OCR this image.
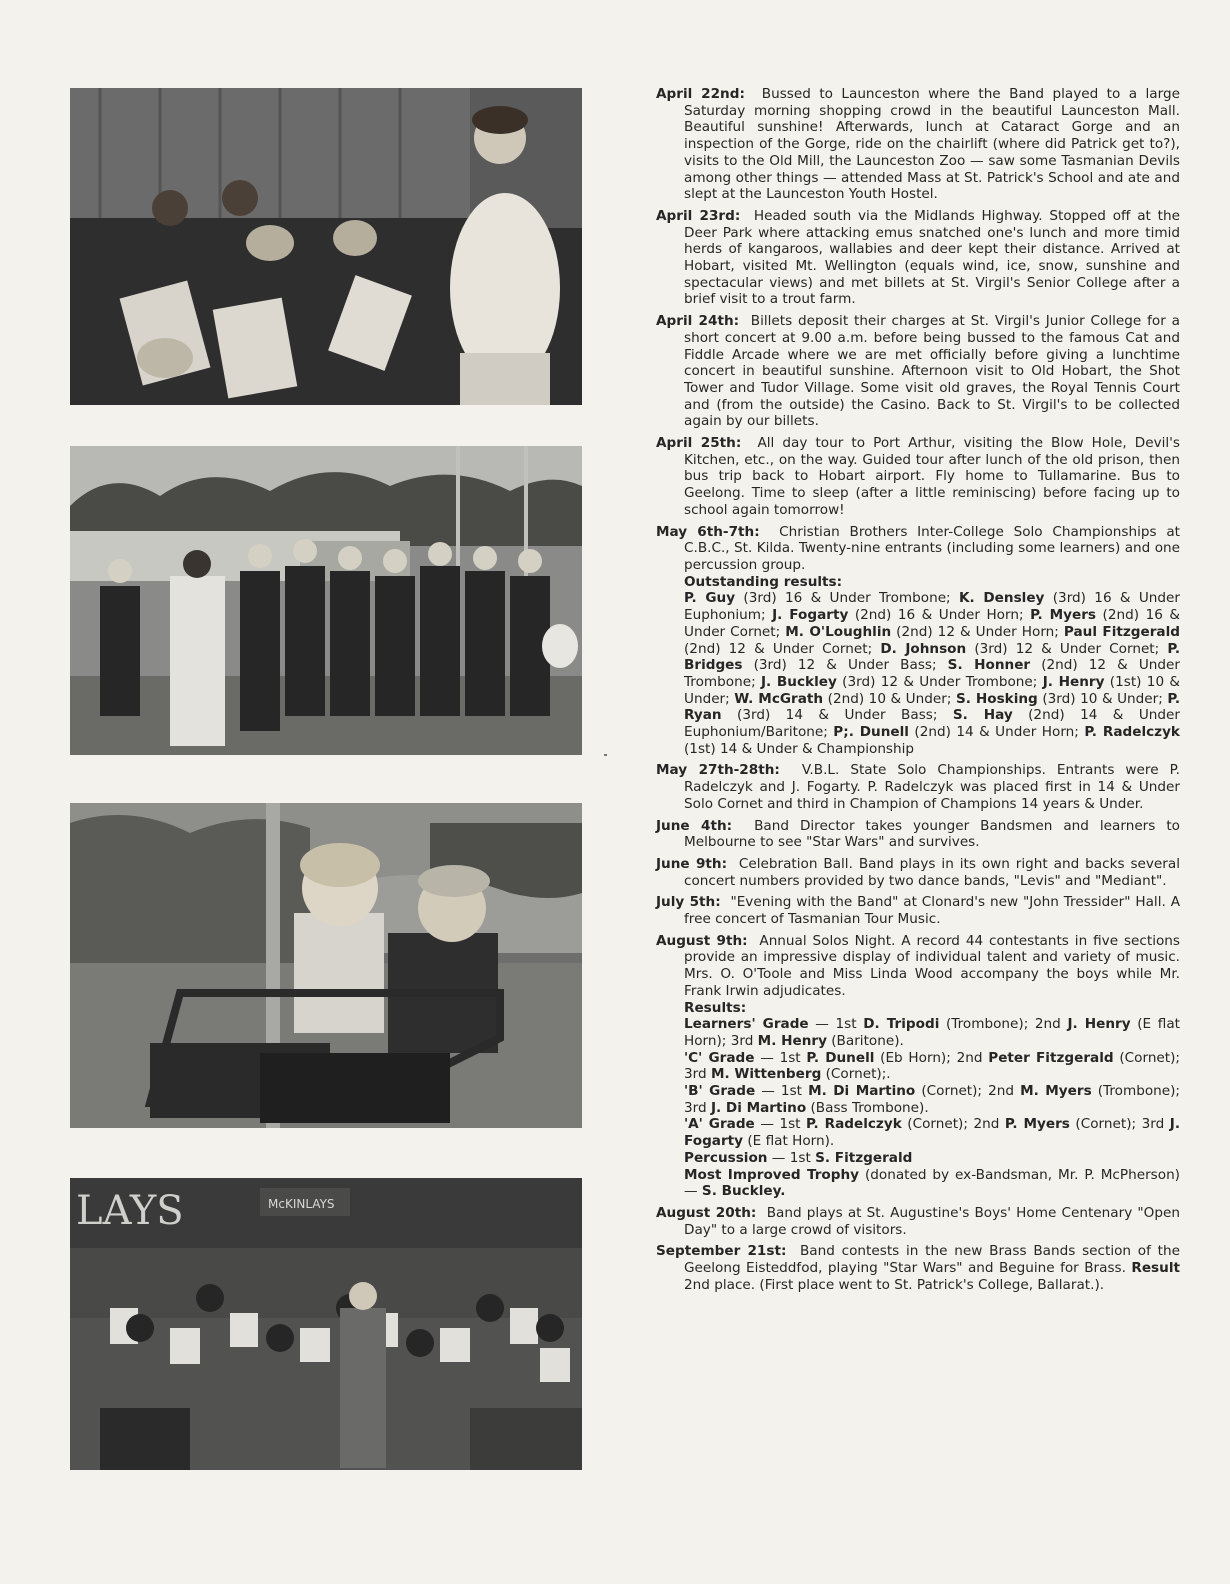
LAYS	McKINLAYS

April 22nd: Bussed to Launceston where the Band played to a large Saturday morning shopping crowd in the beautiful Launceston Mall. Beautiful sunshine! Afterwards, lunch at Cataract Gorge and an inspection of the Gorge, ride on the chairlift (where did Patrick get to?), visits to the Old Mill, the Launceston Zoo — saw some Tasmanian Devils among other things — attended Mass at St. Patrick's School and ate and slept at the Launceston Youth Hostel.

April 23rd: Headed south via the Midlands Highway. Stopped off at the Deer Park where attacking emus snatched one's lunch and more timid herds of kangaroos, wallabies and deer kept their distance. Arrived at Hobart, visited Mt. Wellington (equals wind, ice, snow, sunshine and spectacular views) and met billets at St. Virgil's Senior College after a brief visit to a trout farm.

April 24th: Billets deposit their charges at St. Virgil's Junior College for a short concert at 9.00 a.m. before being bussed to the famous Cat and Fiddle Arcade where we are met officially before giving a lunchtime concert in beautiful sunshine. Afternoon visit to Old Hobart, the Shot Tower and Tudor Village. Some visit old graves, the Royal Tennis Court and (from the outside) the Casino. Back to St. Virgil's to be collected again by our billets.

April 25th: All day tour to Port Arthur, visiting the Blow Hole, Devil's Kitchen, etc., on the way. Guided tour after lunch of the old prison, then bus trip back to Hobart airport. Fly home to Tullamarine. Bus to Geelong. Time to sleep (after a little reminiscing) before facing up to school again tomorrow!

May 6th-7th: Christian Brothers Inter-College Solo Championships at C.B.C., St. Kilda. Twenty-nine entrants (including some learners) and one percussion group.
Outstanding results:
P. Guy (3rd) 16 & Under Trombone; K. Densley (3rd) 16 & Under Euphonium; J. Fogarty (2nd) 16 & Under Horn; P. Myers (2nd) 16 & Under Cornet; M. O'Loughlin (2nd) 12 & Under Horn; Paul Fitzgerald (2nd) 12 & Under Cornet; D. Johnson (3rd) 12 & Under Cornet; P. Bridges (3rd) 12 & Under Bass; S. Honner (2nd) 12 & Under Trombone; J. Buckley (3rd) 12 & Under Trombone; J. Henry (1st) 10 & Under; W. McGrath (2nd) 10 & Under; S. Hosking (3rd) 10 & Under; P. Ryan (3rd) 14 & Under Bass; S. Hay (2nd) 14 & Under Euphonium/Baritone; P;. Dunell (2nd) 14 & Under Horn; P. Radelczyk (1st) 14 & Under & Championship

May 27th-28th: V.B.L. State Solo Championships. Entrants were P. Radelczyk and J. Fogarty. P. Radelczyk was placed first in 14 & Under Solo Cornet and third in Champion of Champions 14 years & Under.

June 4th: Band Director takes younger Bandsmen and learners to Melbourne to see "Star Wars" and survives.

June 9th: Celebration Ball. Band plays in its own right and backs several concert numbers provided by two dance bands, "Levis" and "Mediant".

July 5th: "Evening with the Band" at Clonard's new "John Tressider" Hall. A free concert of Tasmanian Tour Music.

August 9th: Annual Solos Night. A record 44 contestants in five sections provide an impressive display of individual talent and variety of music. Mrs. O. O'Toole and Miss Linda Wood accompany the boys while Mr. Frank Irwin adjudicates.
Results:
Learners' Grade — 1st D. Tripodi (Trombone); 2nd J. Henry (E flat Horn); 3rd M. Henry (Baritone).
'C' Grade — 1st P. Dunell (Eb Horn); 2nd Peter Fitzgerald (Cornet); 3rd M. Wittenberg (Cornet);.
'B' Grade — 1st M. Di Martino (Cornet); 2nd M. Myers (Trombone); 3rd J. Di Martino (Bass Trombone).
'A' Grade — 1st P. Radelczyk (Cornet); 2nd P. Myers (Cornet); 3rd J. Fogarty (E flat Horn).
Percussion — 1st S. Fitzgerald
Most Improved Trophy (donated by ex-Bandsman, Mr. P. McPherson) — S. Buckley.

August 20th: Band plays at St. Augustine's Boys' Home Centenary "Open Day" to a large crowd of visitors.

September 21st: Band contests in the new Brass Bands section of the Geelong Eisteddfod, playing "Star Wars" and Beguine for Brass. Result 2nd place. (First place went to St. Patrick's College, Ballarat.).
